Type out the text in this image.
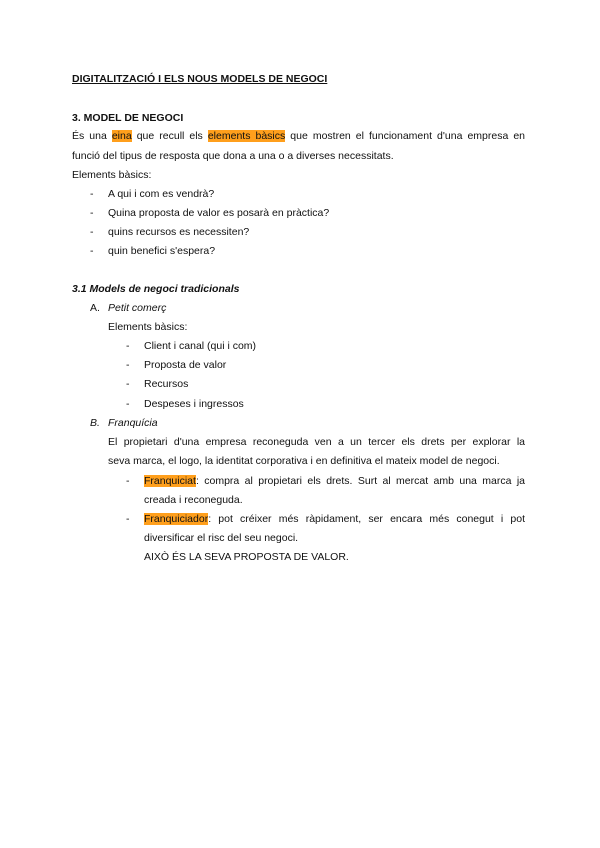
DIGITALITZACIÓ I ELS NOUS MODELS DE NEGOCI
3. MODEL DE NEGOCI
És una eina que recull els elements bàsics que mostren el funcionament d'una empresa en
funció del tipus de resposta que dona a una o a diverses necessitats.
Elements bàsics:
- A qui i com es vendrà?
- Quina proposta de valor es posarà en pràctica?
- quins recursos es necessiten?
- quin benefici s'espera?
3.1 Models de negoci tradicionals
A. Petit comerç
Elements bàsics:
- Client i canal (qui i com)
- Proposta de valor
- Recursos
- Despeses i ingressos
B. Franquícia
El propietari d'una empresa reconeguda ven a un tercer els drets per explorar la
seva marca, el logo, la identitat corporativa i en definitiva el mateix model de negoci.
- Franquiciat: compra al propietari els drets. Surt al mercat amb una marca ja
creada i reconeguda.
- Franquiciador: pot créixer més ràpidament, ser encara més conegut i pot
diversificar el risc del seu negoci.
AIXÒ ÉS LA SEVA PROPOSTA DE VALOR.
